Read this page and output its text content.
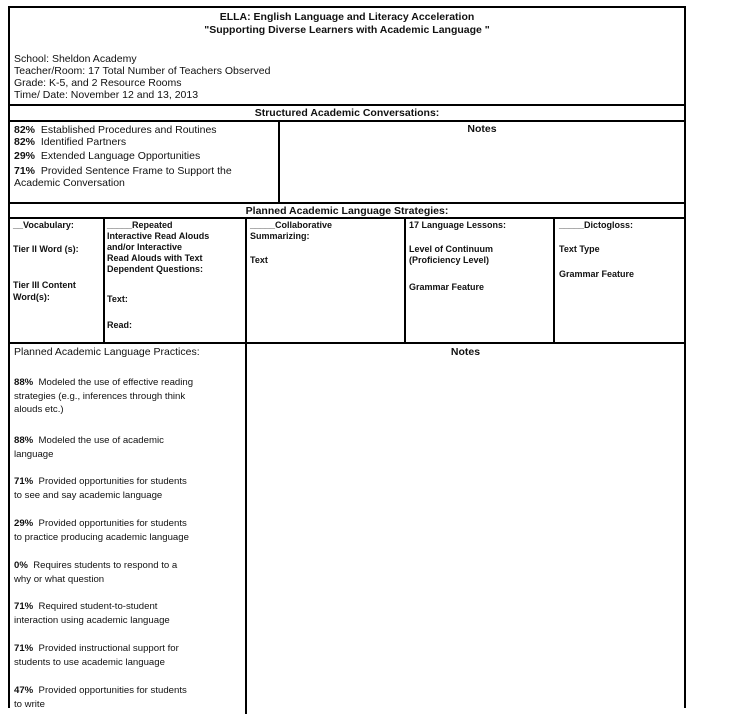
ELLA: English Language and Literacy Acceleration
"Supporting Diverse Learners with Academic Language "
School: Sheldon Academy
Teacher/Room: 17 Total Number of Teachers Observed
Grade: K-5, and 2 Resource Rooms
Time/ Date: November 12 and 13, 2013
Structured Academic Conversations:
Notes
82% Established Procedures and Routines
82% Identified Partners
29% Extended Language Opportunities
71% Provided Sentence Frame to Support the
Academic Conversation
Planned Academic Language Strategies:
__Vocabulary:
Tier II Word (s):
Tier III Content
Word(s):
_____Repeated
Interactive Read Alouds
and/or Interactive
Read Alouds with Text
Dependent Questions:
Text:
Read:
_____Collaborative
Summarizing:
Text
17 Language Lessons:
Level of Continuum
(Proficiency Level)
Grammar Feature
_____Dictogloss:
Text Type
Grammar Feature
Planned Academic Language Practices:	Notes
88% Modeled the use of effective reading
strategies (e.g., inferences through think
alouds etc.)
88% Modeled the use of academic
language
71% Provided opportunities for students
to see and say academic language
29% Provided opportunities for students
to practice producing academic language
0% Requires students to respond to a
why or what question
71% Required student-to-student
interaction using academic language
71% Provided instructional support for
students to use academic language
47% Provided opportunities for students
to write
